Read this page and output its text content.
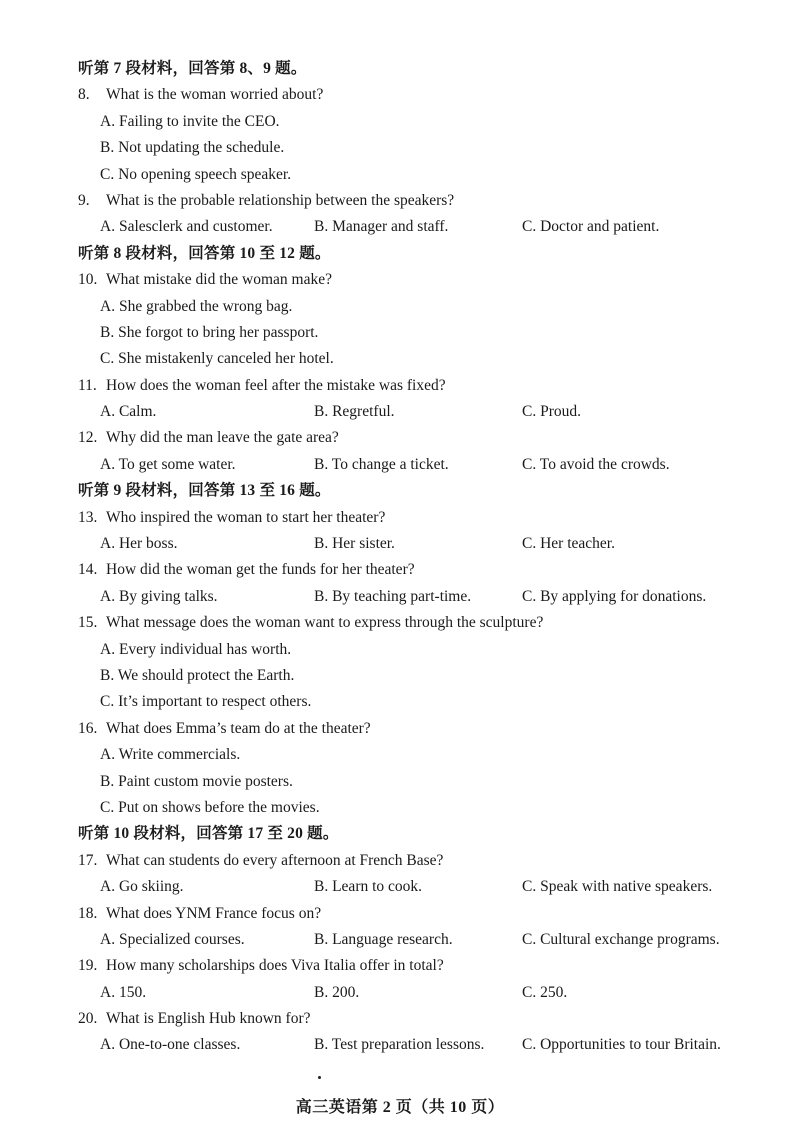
听第 7 段材料，回答第 8、9 题。
8. What is the woman worried about?
A. Failing to invite the CEO.
B. Not updating the schedule.
C. No opening speech speaker.
9. What is the probable relationship between the speakers?
A. Salesclerk and customer.	B. Manager and staff.	C. Doctor and patient.
听第 8 段材料，回答第 10 至 12 题。
10. What mistake did the woman make?
A. She grabbed the wrong bag.
B. She forgot to bring her passport.
C. She mistakenly canceled her hotel.
11. How does the woman feel after the mistake was fixed?
A. Calm.	B. Regretful.	C. Proud.
12. Why did the man leave the gate area?
A. To get some water.	B. To change a ticket.	C. To avoid the crowds.
听第 9 段材料，回答第 13 至 16 题。
13. Who inspired the woman to start her theater?
A. Her boss.	B. Her sister.	C. Her teacher.
14. How did the woman get the funds for her theater?
A. By giving talks.	B. By teaching part-time.	C. By applying for donations.
15. What message does the woman want to express through the sculpture?
A. Every individual has worth.
B. We should protect the Earth.
C. It’s important to respect others.
16. What does Emma’s team do at the theater?
A. Write commercials.
B. Paint custom movie posters.
C. Put on shows before the movies.
听第 10 段材料，回答第 17 至 20 题。
17. What can students do every afternoon at French Base?
A. Go skiing.	B. Learn to cook.	C. Speak with native speakers.
18. What does YNM France focus on?
A. Specialized courses.	B. Language research.	C. Cultural exchange programs.
19. How many scholarships does Viva Italia offer in total?
A. 150.	B. 200.	C. 250.
20. What is English Hub known for?
A. One-to-one classes.	B. Test preparation lessons. C. Opportunities to tour Britain.
高三英语第 2 页（共 10 页）
